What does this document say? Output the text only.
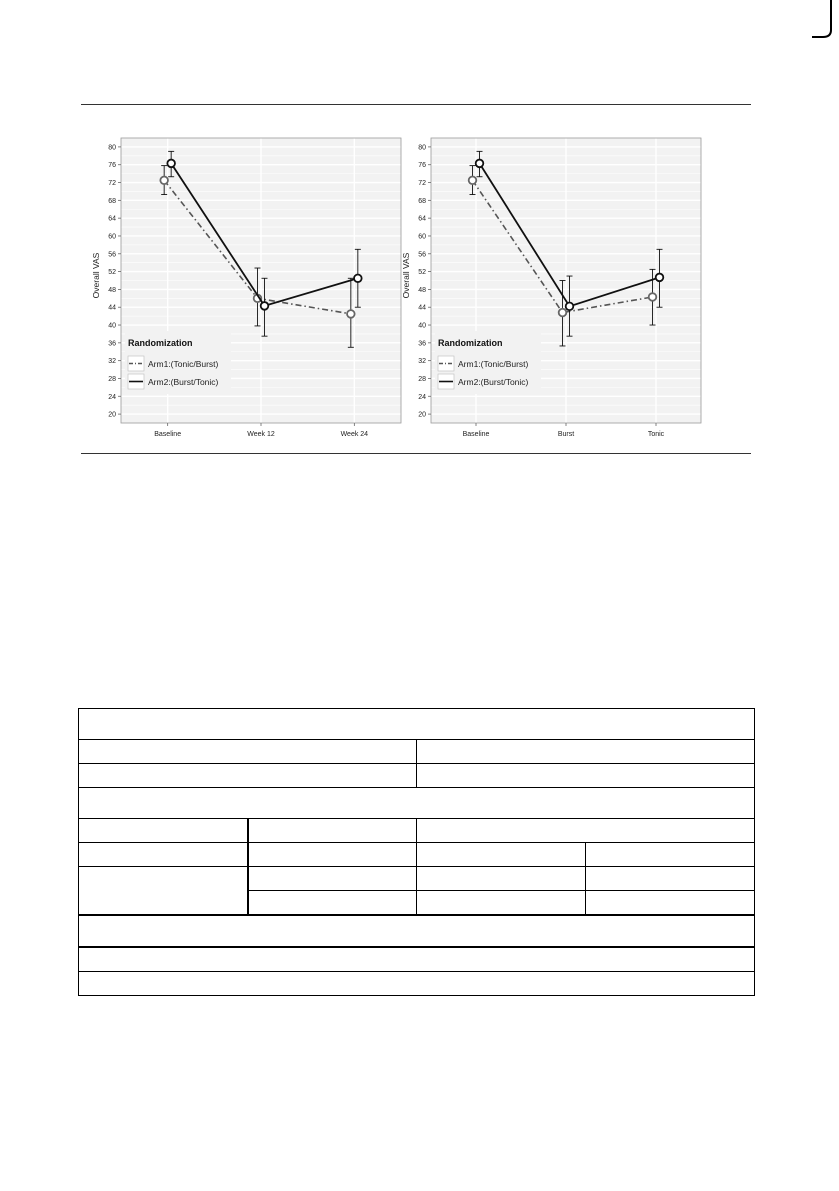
20
24
28
32
36
40
44
48
52
56
60
64
68
72
76
80
Baseline	Week 12	Week 24
Overall VAS
Randomization
Arm1:(Tonic/Burst)
Arm2:(Burst/Tonic)
20
24
28
32
36
40
44
48
52
56
60
64
68
72
76
80
Baseline	Burst	Tonic
Overall VAS
Randomization
Arm1:(Tonic/Burst)
Arm2:(Burst/Tonic)
